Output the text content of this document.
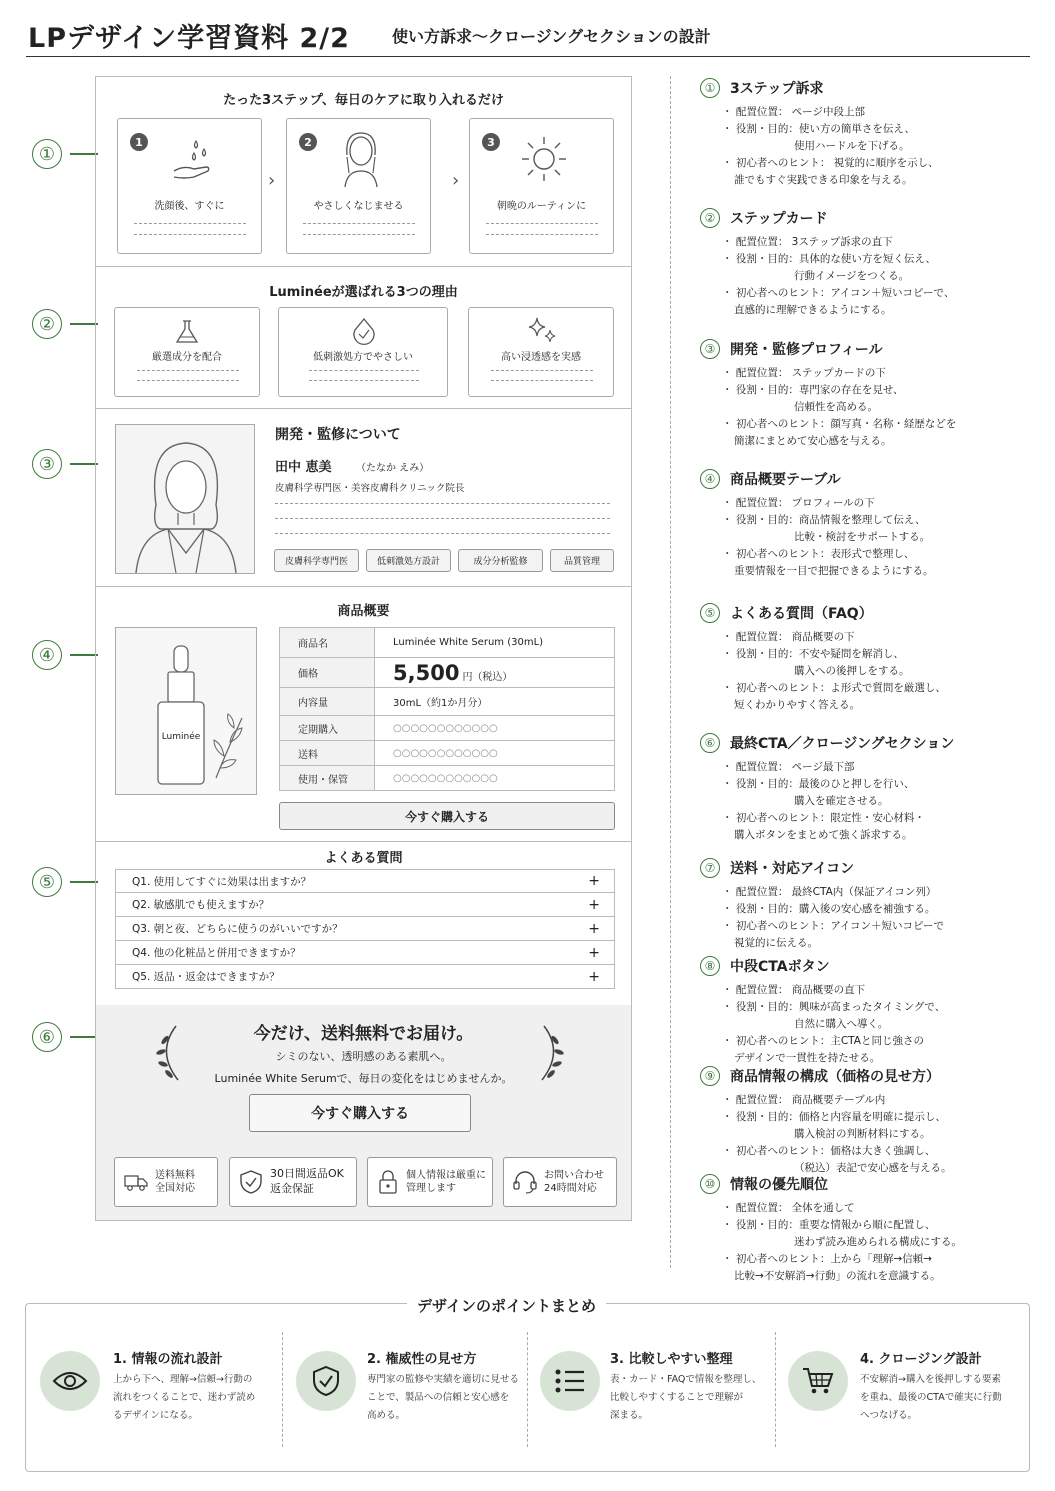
LPデザイン学習資料 2/2	使い方訴求〜クロージングセクションの設計
①
②
③
④
⑤
⑥
たった3ステップ、毎日のケアに取り入れるだけ
1
洗顔後、すぐに
›
2
やさしくなじませる
›
3
朝晩のルーティンに
Luminéeが選ばれる3つの理由
厳選成分を配合	低刺激処方でやさしい	高い浸透感を実感
開発・監修について
田中 恵美 （たなか えみ）
皮膚科学専門医・美容皮膚科クリニック院長
皮膚科学専門医	低刺激処方設計	成分分析監修	品質管理
商品概要
Luminée
商品名	Luminée White Serum (30mL)
価格	5,500 円（税込）
内容量	30mL（約1か月分）
定期購入	○○○○○○○○○○○○
送料	○○○○○○○○○○○○
使用・保管	○○○○○○○○○○○○
今すぐ購入する
よくある質問
Q1. 使用してすぐに効果は出ますか？	+
Q2. 敏感肌でも使えますか？	+
Q3. 朝と夜、どちらに使うのがいいですか？	+
Q4. 他の化粧品と併用できますか？	+
Q5. 返品・返金はできますか？	+
今だけ、送料無料でお届け。
シミのない、透明感のある素肌へ。
Luminée White Serumで、毎日の変化をはじめませんか。
今すぐ購入する
送料無料
全国対応
30日間返品OK
返金保証
個人情報は厳重に
管理します
お問い合わせ
24時間対応
①	3ステップ訴求
・ 配置位置： ページ中段上部
・ 役割・目的：使い方の簡単さを伝え、
使用ハードルを下げる。
・ 初心者へのヒント： 視覚的に順序を示し、
誰でもすぐ実践できる印象を与える。
②	ステップカード
・ 配置位置： 3ステップ訴求の直下
・ 役割・目的：具体的な使い方を短く伝え、
行動イメージをつくる。
・ 初心者へのヒント：アイコン＋短いコピーで、
直感的に理解できるようにする。
③	開発・監修プロフィール
・ 配置位置： ステップカードの下
・ 役割・目的：専門家の存在を見せ、
信頼性を高める。
・ 初心者へのヒント：顔写真・名称・経歴などを
簡潔にまとめて安心感を与える。
④	商品概要テーブル
・ 配置位置： プロフィールの下
・ 役割・目的：商品情報を整理して伝え、
比較・検討をサポートする。
・ 初心者へのヒント：表形式で整理し、
重要情報を一目で把握できるようにする。
⑤	よくある質問（FAQ）
・ 配置位置： 商品概要の下
・ 役割・目的：不安や疑問を解消し、
購入への後押しをする。
・ 初心者へのヒント：よ形式で質問を厳選し、
短くわかりやすく答える。
⑥	最終CTA／クロージングセクション
・ 配置位置： ページ最下部
・ 役割・目的：最後のひと押しを行い、
購入を確定させる。
・ 初心者へのヒント：限定性・安心材料・
購入ボタンをまとめて強く訴求する。
⑦	送料・対応アイコン
・ 配置位置： 最終CTA内（保証アイコン列）
・ 役割・目的：購入後の安心感を補強する。
・ 初心者へのヒント：アイコン＋短いコピーで
視覚的に伝える。
⑧	中段CTAボタン
・ 配置位置： 商品概要の直下
・ 役割・目的：興味が高まったタイミングで、
自然に購入へ導く。
・ 初心者へのヒント：主CTAと同じ強さの
デザインで一貫性を持たせる。
⑨	商品情報の構成（価格の見せ方）
・ 配置位置： 商品概要テーブル内
・ 役割・目的：価格と内容量を明確に提示し、
購入検討の判断材料にする。
・ 初心者へのヒント：価格は大きく強調し、
（税込）表記で安心感を与える。
⑩	情報の優先順位
・ 配置位置： 全体を通して
・ 役割・目的：重要な情報から順に配置し、
迷わず読み進められる構成にする。
・ 初心者へのヒント：上から「理解→信頼→
比較→不安解消→行動」の流れを意識する。
デザインのポイントまとめ
1. 情報の流れ設計
上から下へ、理解→信頼→行動の
流れをつくることで、迷わず読め
るデザインになる。
2. 権威性の見せ方
専門家の監修や実績を適切に見せる
ことで、製品への信頼と安心感を
高める。
3. 比較しやすい整理
表・カード・FAQで情報を整理し、
比較しやすくすることで理解が
深まる。
4. クロージング設計
不安解消→購入を後押しする要素
を重ね、最後のCTAで確実に行動
へつなげる。
